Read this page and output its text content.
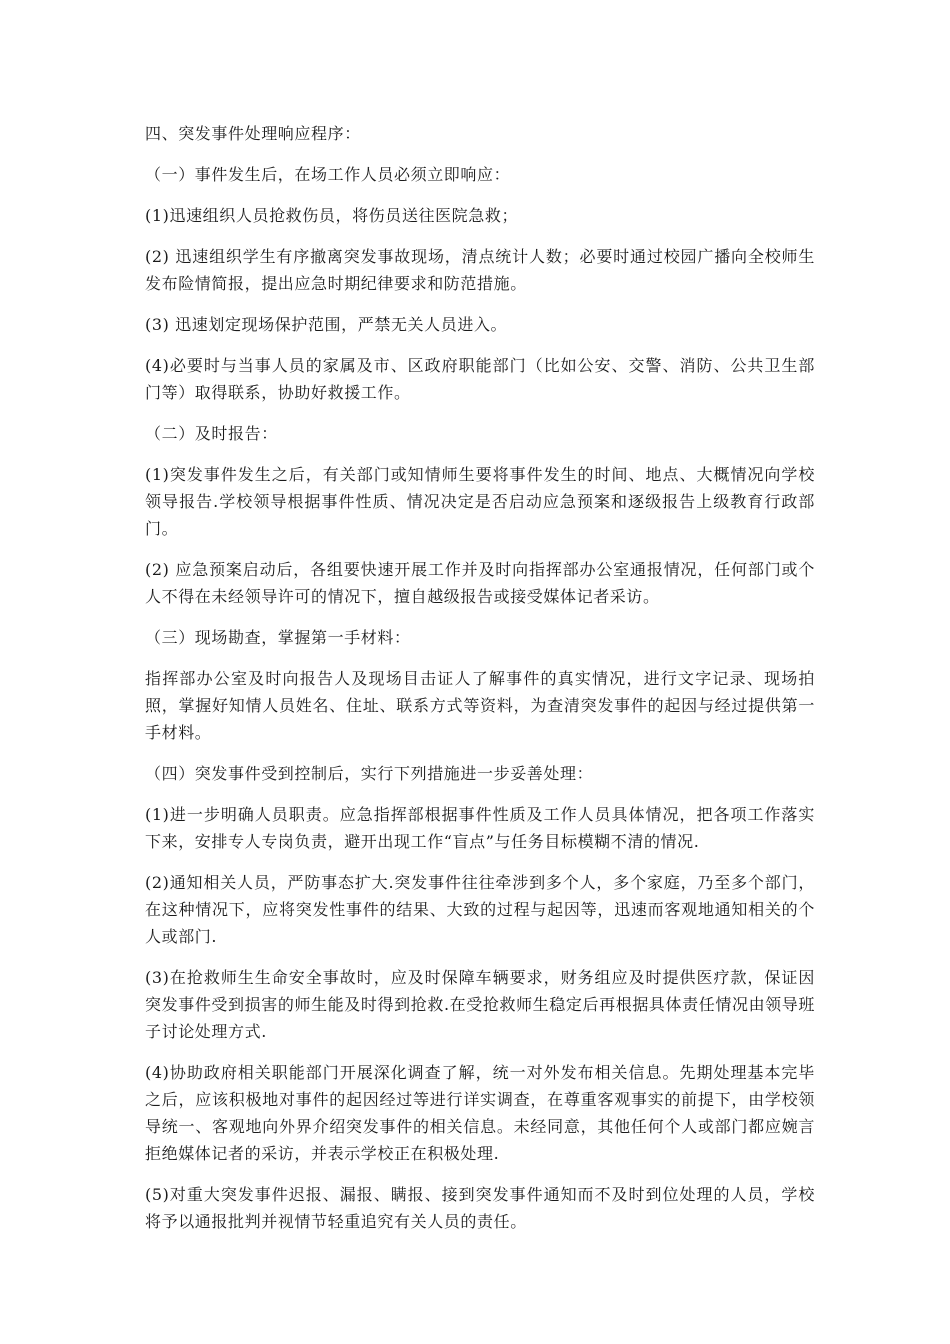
四、突发事件处理响应程序：

（一）事件发生后，在场工作人员必须立即响应：

(1)迅速组织人员抢救伤员，将伤员送往医院急救；

(2) 迅速组织学生有序撤离突发事故现场，清点统计人数；必要时通过校园广播向全校师生发布险情简报，提出应急时期纪律要求和防范措施。

(3) 迅速划定现场保护范围，严禁无关人员进入。

(4)必要时与当事人员的家属及市、区政府职能部门（比如公安、交警、消防、公共卫生部门等）取得联系，协助好救援工作。

（二）及时报告：

(1)突发事件发生之后，有关部门或知情师生要将事件发生的时间、地点、大概情况向学校领导报告.学校领导根据事件性质、情况决定是否启动应急预案和逐级报告上级教育行政部门。

(2) 应急预案启动后，各组要快速开展工作并及时向指挥部办公室通报情况，任何部门或个人不得在未经领导许可的情况下，擅自越级报告或接受媒体记者采访。

（三）现场勘查，掌握第一手材料：

指挥部办公室及时向报告人及现场目击证人了解事件的真实情况，进行文字记录、现场拍照，掌握好知情人员姓名、住址、联系方式等资料，为查清突发事件的起因与经过提供第一手材料。

（四）突发事件受到控制后，实行下列措施进一步妥善处理：

(1)进一步明确人员职责。应急指挥部根据事件性质及工作人员具体情况，把各项工作落实下来，安排专人专岗负责，避开出现工作“盲点”与任务目标模糊不清的情况.

(2)通知相关人员，严防事态扩大.突发事件往往牵涉到多个人，多个家庭，乃至多个部门，在这种情况下，应将突发性事件的结果、大致的过程与起因等，迅速而客观地通知相关的个人或部门.

(3)在抢救师生生命安全事故时，应及时保障车辆要求，财务组应及时提供医疗款，保证因突发事件受到损害的师生能及时得到抢救.在受抢救师生稳定后再根据具体责任情况由领导班子讨论处理方式.

(4)协助政府相关职能部门开展深化调查了解，统一对外发布相关信息。先期处理基本完毕之后，应该积极地对事件的起因经过等进行详实调查，在尊重客观事实的前提下，由学校领导统一、客观地向外界介绍突发事件的相关信息。未经同意，其他任何个人或部门都应婉言拒绝媒体记者的采访，并表示学校正在积极处理.

(5)对重大突发事件迟报、漏报、瞒报、接到突发事件通知而不及时到位处理的人员，学校将予以通报批判并视情节轻重追究有关人员的责任。
